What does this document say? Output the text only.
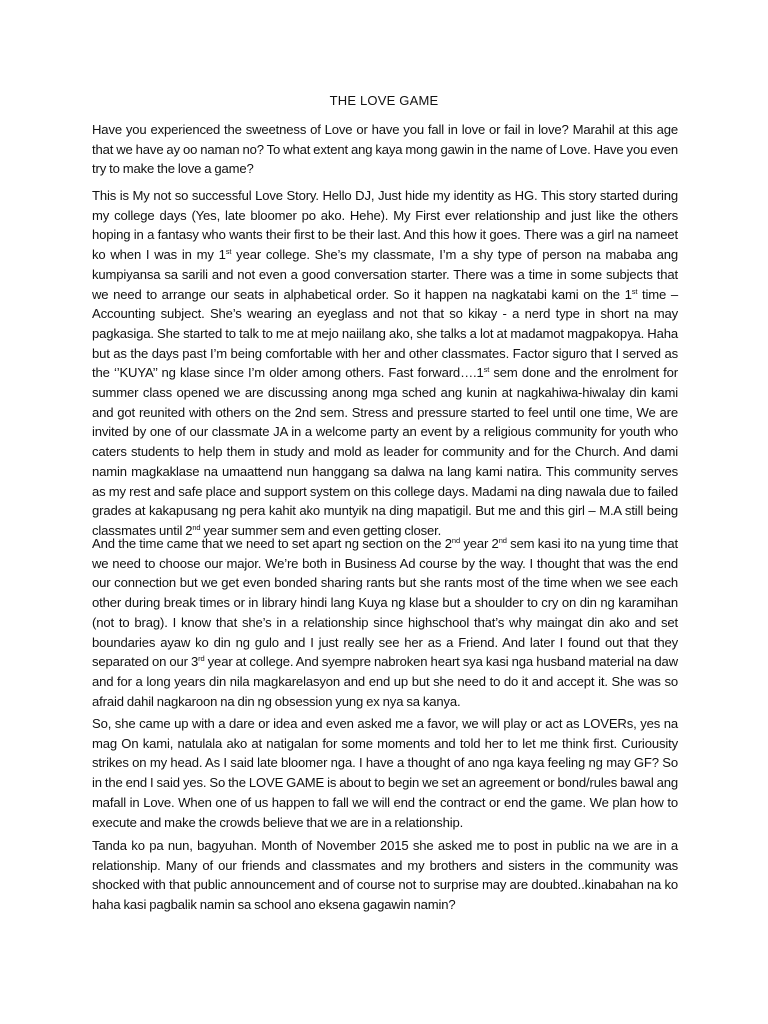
THE LOVE GAME
Have you experienced the sweetness of Love or have you fall in love or fail in love? Marahil at this age that we have ay oo naman no? To what extent ang kaya mong gawin in the name of Love. Have you even try to make the love a game?
This is My not so successful Love Story. Hello DJ, Just hide my identity as HG. This story started during my college days (Yes, late bloomer po ako. Hehe). My First ever relationship and just like the others hoping in a fantasy who wants their first to be their last. And this how it goes. There was a girl na nameet ko when I was in my 1st year college. She’s my classmate, I’m a shy type of person na mababa ang kumpiyansa sa sarili and not even a good conversation starter. There was a time in some subjects that we need to arrange our seats in alphabetical order. So it happen na nagkatabi kami on the 1st time – Accounting subject. She’s wearing an eyeglass and not that so kikay - a nerd type in short na may pagkasiga. She started to talk to me at mejo naiilang ako, she talks a lot at madamot magpakopya. Haha but as the days past I’m being comfortable with her and other classmates. Factor siguro that I served as the ‘’KUYA’’ ng klase since I’m older among others. Fast forward….1st sem done and the enrolment for summer class opened we are discussing anong mga sched ang kunin at nagkahiwa-hiwalay din kami and got reunited with others on the 2nd sem. Stress and pressure started to feel until one time, We are invited by one of our classmate JA in a welcome party an event by a religious community for youth who caters students to help them in study and mold as leader for community and for the Church. And dami namin magkaklase na umaattend nun hanggang sa dalwa na lang kami natira. This community serves as my rest and safe place and support system on this college days. Madami na ding nawala due to failed grades at kakapusang ng pera kahit ako muntyik na ding mapatigil. But me and this girl – M.A still being classmates until 2nd year summer sem and even getting closer.
And the time came that we need to set apart ng section on the 2nd year 2nd sem kasi ito na yung time that we need to choose our major. We’re both in Business Ad course by the way. I thought that was the end our connection but we get even bonded sharing rants but she rants most of the time when we see each other during break times or in library hindi lang Kuya ng klase but a shoulder to cry on din ng karamihan (not to brag). I know that she’s in a relationship since highschool that’s why maingat din ako and set boundaries ayaw ko din ng gulo and I just really see her as a Friend. And later I found out that they separated on our 3rd year at college. And syempre nabroken heart sya kasi nga husband material na daw and for a long years din nila magkarelasyon and end up but she need to do it and accept it. She was so afraid dahil nagkaroon na din ng obsession yung ex nya sa kanya.
So, she came up with a dare or idea and even asked me a favor, we will play or act as LOVERs, yes na mag On kami, natulala ako at natigalan for some moments and told her to let me think first. Curiousity strikes on my head. As I said late bloomer nga. I have a thought of ano nga kaya feeling ng may GF? So in the end I said yes. So the LOVE GAME is about to begin we set an agreement or bond/rules bawal ang mafall in Love. When one of us happen to fall we will end the contract or end the game. We plan how to execute and make the crowds believe that we are in a relationship.
Tanda ko pa nun, bagyuhan. Month of November 2015 she asked me to post in public na we are in a relationship. Many of our friends and classmates and my brothers and sisters in the community was shocked with that public announcement and of course not to surprise may are doubted..kinabahan na ko haha kasi pagbalik namin sa school ano eksena gagawin namin?
